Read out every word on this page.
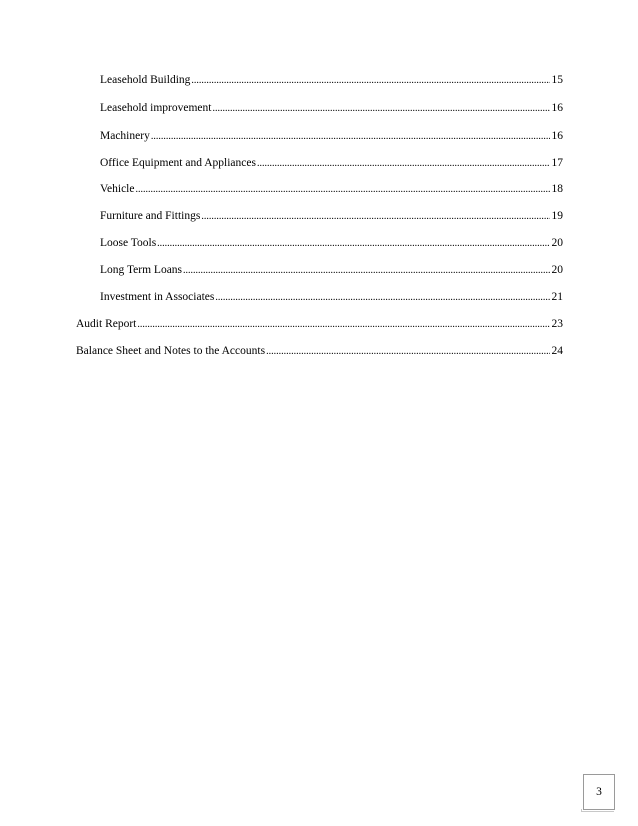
Leasehold Building .....	15
Leasehold improvement .....	16
Machinery .....	16
Office Equipment and Appliances .....	17
Vehicle .....	18
Furniture and Fittings .....	19
Loose Tools .....	20
Long Term Loans .....	20
Investment in Associates .....	21
Audit Report .....	23
Balance Sheet and Notes to the Accounts .....	24
3
